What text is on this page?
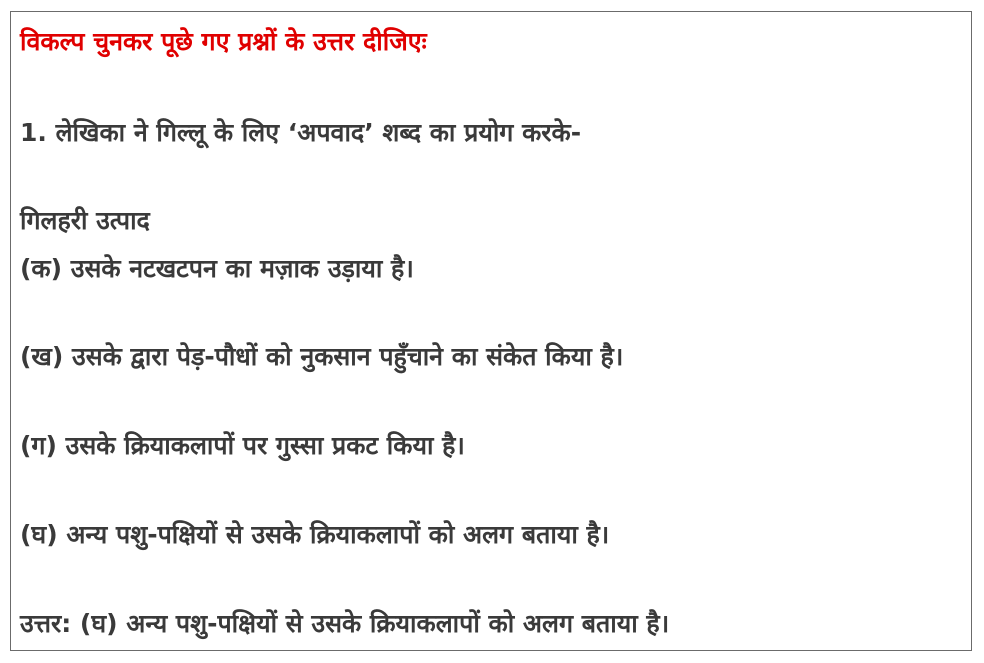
विकल्प चुनकर पूछे गए प्रश्नों के उत्तर दीजिएः
1. लेखिका ने गिल्लू के लिए ‘अपवाद’ शब्द का प्रयोग करके-
गिलहरी उत्पाद
(क) उसके नटखटपन का मज़ाक उड़ाया है।
(ख) उसके द्वारा पेड़-पौधों को नुकसान पहुँचाने का संकेत किया है।
(ग) उसके क्रियाकलापों पर गुस्सा प्रकट किया है।
(घ) अन्य पशु-पक्षियों से उसके क्रियाकलापों को अलग बताया है।
उत्तर: (घ) अन्य पशु-पक्षियों से उसके क्रियाकलापों को अलग बताया है।
